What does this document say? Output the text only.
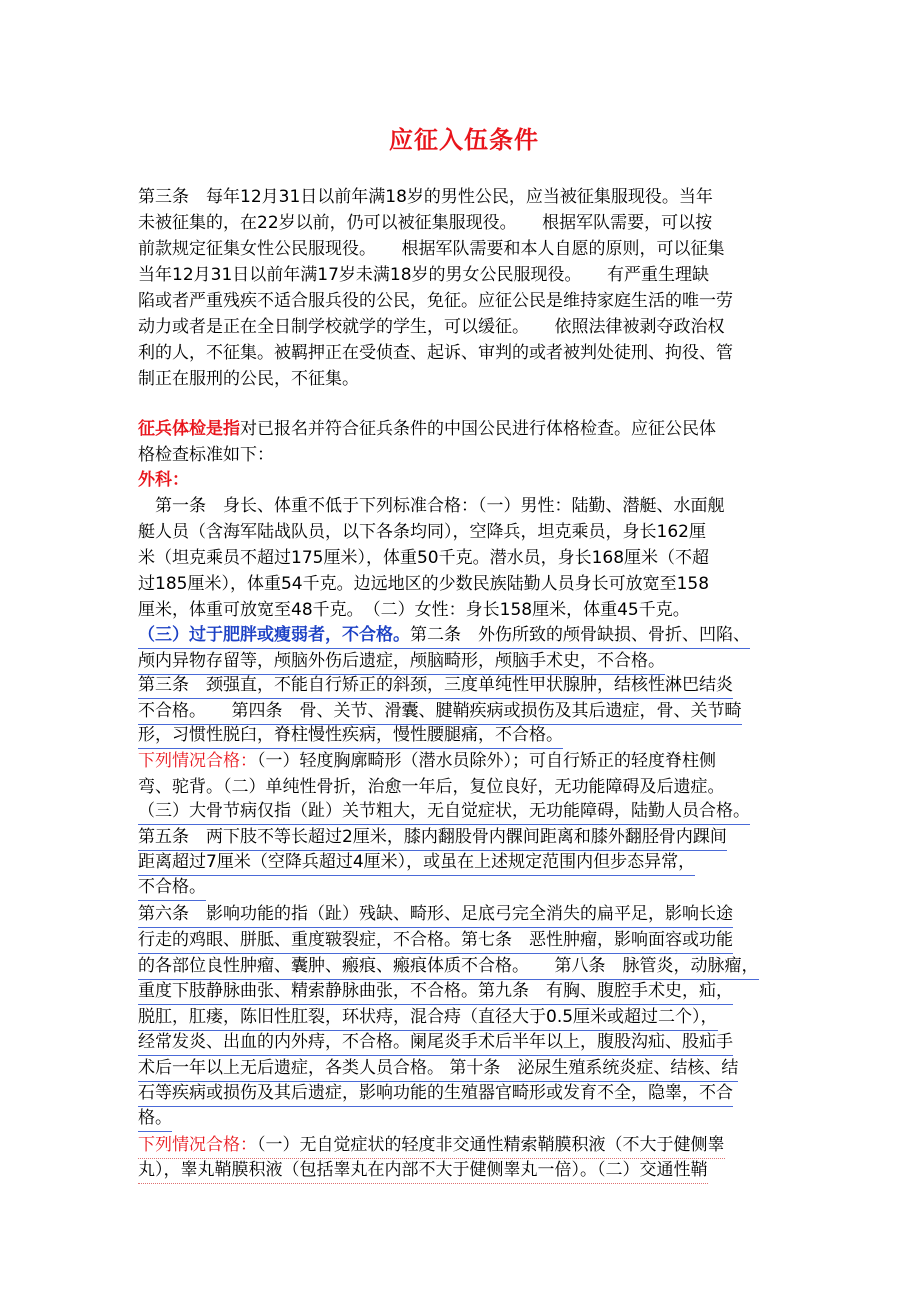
应征入伍条件
第三条　每年12月31日以前年满18岁的男性公民，应当被征集服现役。当年
未被征集的，在22岁以前，仍可以被征集服现役。　　根据军队需要，可以按
前款规定征集女性公民服现役。　　根据军队需要和本人自愿的原则，可以征集
当年12月31日以前年满17岁未满18岁的男女公民服现役。　　有严重生理缺
陷或者严重残疾不适合服兵役的公民，免征。应征公民是维持家庭生活的唯一劳
动力或者是正在全日制学校就学的学生，可以缓征。　　依照法律被剥夺政治权
利的人，不征集。被羁押正在受侦查、起诉、审判的或者被判处徒刑、拘役、管
制正在服刑的公民，不征集。
征兵体检是指对已报名并符合征兵条件的中国公民进行体格检查。应征公民体
格检查标准如下：
外科：
　第一条　身长、体重不低于下列标准合格：（一）男性：陆勤、潜艇、水面舰
艇人员（含海军陆战队员，以下各条均同），空降兵，坦克乘员，身长162厘
米（坦克乘员不超过175厘米），体重50千克。潜水员，身长168厘米（不超
过185厘米），体重54千克。边远地区的少数民族陆勤人员身长可放宽至158
厘米，体重可放宽至48千克。　（二）女性：身长158厘米，体重45千克。
（三）过于肥胖或瘦弱者，不合格。第二条　外伤所致的颅骨缺损、骨折、凹陷、
颅内异物存留等，颅脑外伤后遗症，颅脑畸形，颅脑手术史，不合格。
第三条　颈强直，不能自行矫正的斜颈，三度单纯性甲状腺肿，结核性淋巴结炎
不合格。　　第四条　骨、关节、滑囊、腱鞘疾病或损伤及其后遗症，骨、关节畸
形，习惯性脱臼，脊柱慢性疾病，慢性腰腿痛，不合格。
下列情况合格：（一）轻度胸廓畸形（潜水员除外）；可自行矫正的轻度脊柱侧
弯、驼背。（二）单纯性骨折，治愈一年后，复位良好，无功能障碍及后遗症。
（三）大骨节病仅指（趾）关节粗大，无自觉症状，无功能障碍，陆勤人员合格。
第五条　两下肢不等长超过2厘米，膝内翻股骨内髁间距离和膝外翻胫骨内踝间
距离超过7厘米（空降兵超过4厘米），或虽在上述规定范围内但步态异常，
不合格。
第六条　影响功能的指（趾）残缺、畸形、足底弓完全消失的扁平足，影响长途
行走的鸡眼、胼胝、重度皲裂症，不合格。第七条　恶性肿瘤，影响面容或功能
的各部位良性肿瘤、囊肿、瘢痕、瘢痕体质不合格。　　第八条　脉管炎，动脉瘤，
重度下肢静脉曲张、精索静脉曲张，不合格。第九条　有胸、腹腔手术史，疝，
脱肛，肛瘘，陈旧性肛裂，环状痔，混合痔（直径大于0.5厘米或超过二个），
经常发炎、出血的内外痔，不合格。阑尾炎手术后半年以上，腹股沟疝、股疝手
术后一年以上无后遗症，各类人员合格。 第十条　泌尿生殖系统炎症、结核、结
石等疾病或损伤及其后遗症，影响功能的生殖器官畸形或发育不全，隐睾，不合
格。
下列情况合格：（一）无自觉症状的轻度非交通性精索鞘膜积液（不大于健侧睾
丸），睾丸鞘膜积液（包括睾丸在内部不大于健侧睾丸一倍）。（二）交通性鞘
